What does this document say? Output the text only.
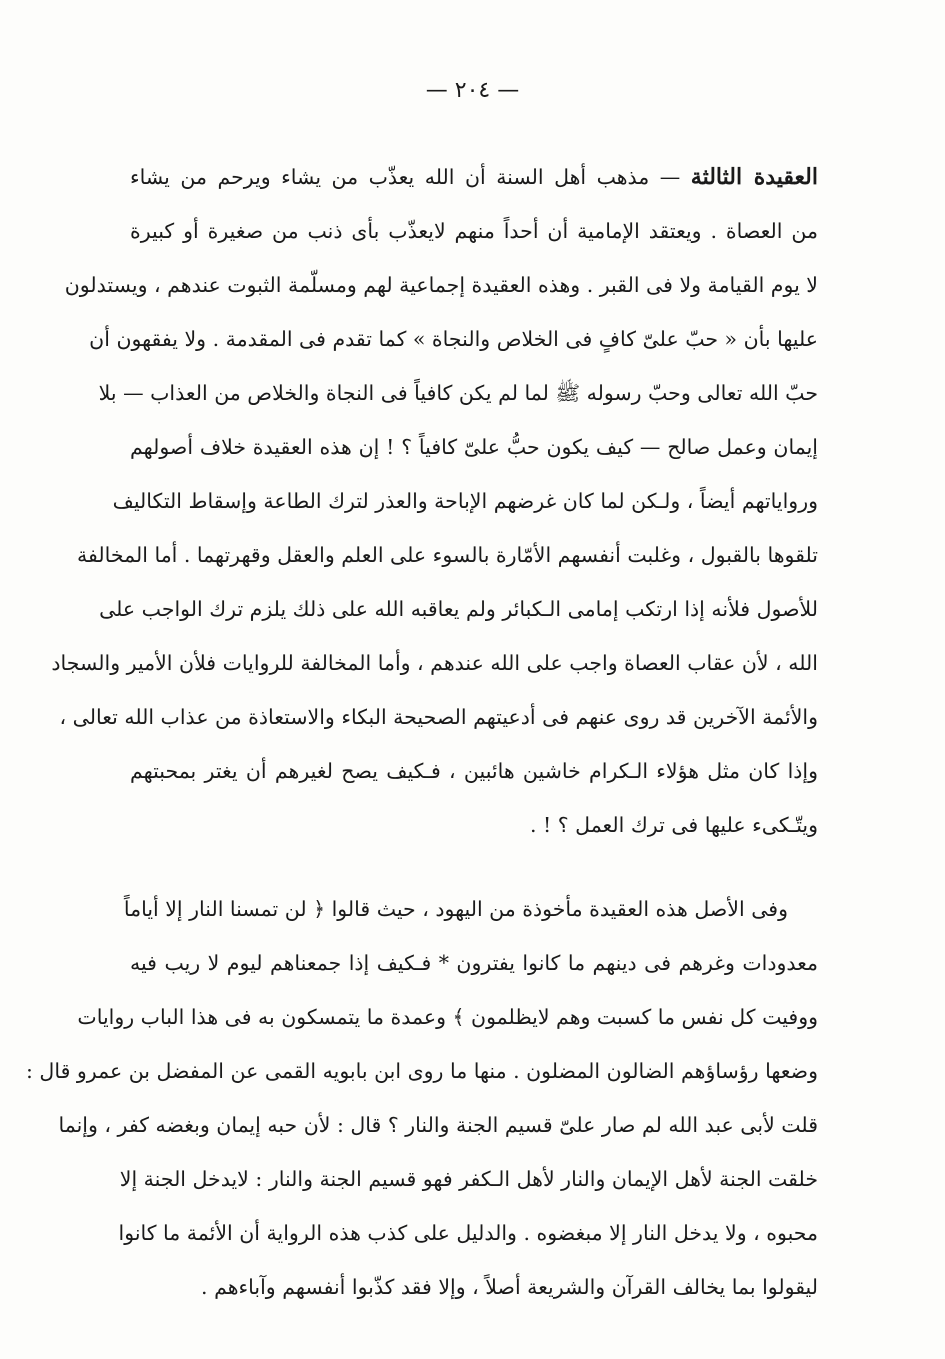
— ٢٠٤ —
العقيدة الثالثة — مذهب أهل السنة أن الله يعذّب من يشاء ويرحم من يشاء
من العصاة . ويعتقد الإمامية أن أحداً منهم لايعذّب بأى ذنب من صغيرة أو كبيرة
لا يوم القيامة ولا فى القبر . وهذه العقيدة إجماعية لهم ومسلّمة الثبوت عندهم ، ويستدلون
عليها بأن « حبّ علىّ كافٍ فى الخلاص والنجاة » كما تقدم فى المقدمة . ولا يفقهون أن
حبّ الله تعالى وحبّ رسوله ﷺ لما لم يكن كافياً فى النجاة والخلاص من العذاب — بلا
إيمان وعمل صالح — كيف يكون حبُّ علىّ كافياً ؟ ! إن هذه العقيدة خلاف أصولهم
ورواياتهم أيضاً ، ولـكن لما كان غرضهم الإباحة والعذر لترك الطاعة وإسقاط التكاليف
تلقوها بالقبول ، وغلبت أنفسهم الأمّارة بالسوء على العلم والعقل وقهرتهما . أما المخالفة
للأصول فلأنه إذا ارتكب إمامى الـكبائر ولم يعاقبه الله على ذلك يلزم ترك الواجب على
الله ، لأن عقاب العصاة واجب على الله عندهم ، وأما المخالفة للروايات فلأن الأمير والسجاد
والأئمة الآخرين قد روى عنهم فى أدعيتهم الصحيحة البكاء والاستعاذة من عذاب الله تعالى ،
وإذا كان مثل هؤلاء الـكرام خاشين هائبين ، فـكيف يصح لغيرهم أن يغتر بمحبتهم
ويتّـكىء عليها فى ترك العمل ؟ ! .
وفى الأصل هذه العقيدة مأخوذة من اليهود ، حيث قالوا ﴿ لن تمسنا النار إلا أياماً
معدودات وغرهم فى دينهم ما كانوا يفترون * فـكيف إذا جمعناهم ليوم لا ريب فيه
ووفيت كل نفس ما كسبت وهم لايظلمون ﴾ وعمدة ما يتمسكون به فى هذا الباب روايات
وضعها رؤساؤهم الضالون المضلون . منها ما روى ابن بابويه القمى عن المفضل بن عمرو قال :
قلت لأبى عبد الله لم صار علىّ قسيم الجنة والنار ؟ قال : لأن حبه إيمان وبغضه كفر ، وإنما
خلقت الجنة لأهل الإيمان والنار لأهل الـكفر فهو قسيم الجنة والنار : لايدخل الجنة إلا
محبوه ، ولا يدخل النار إلا مبغضوه . والدليل على كذب هذه الرواية أن الأئمة ما كانوا
ليقولوا بما يخالف القرآن والشريعة أصلاً ، وإلا فقد كذّبوا أنفسهم وآباءهم .
